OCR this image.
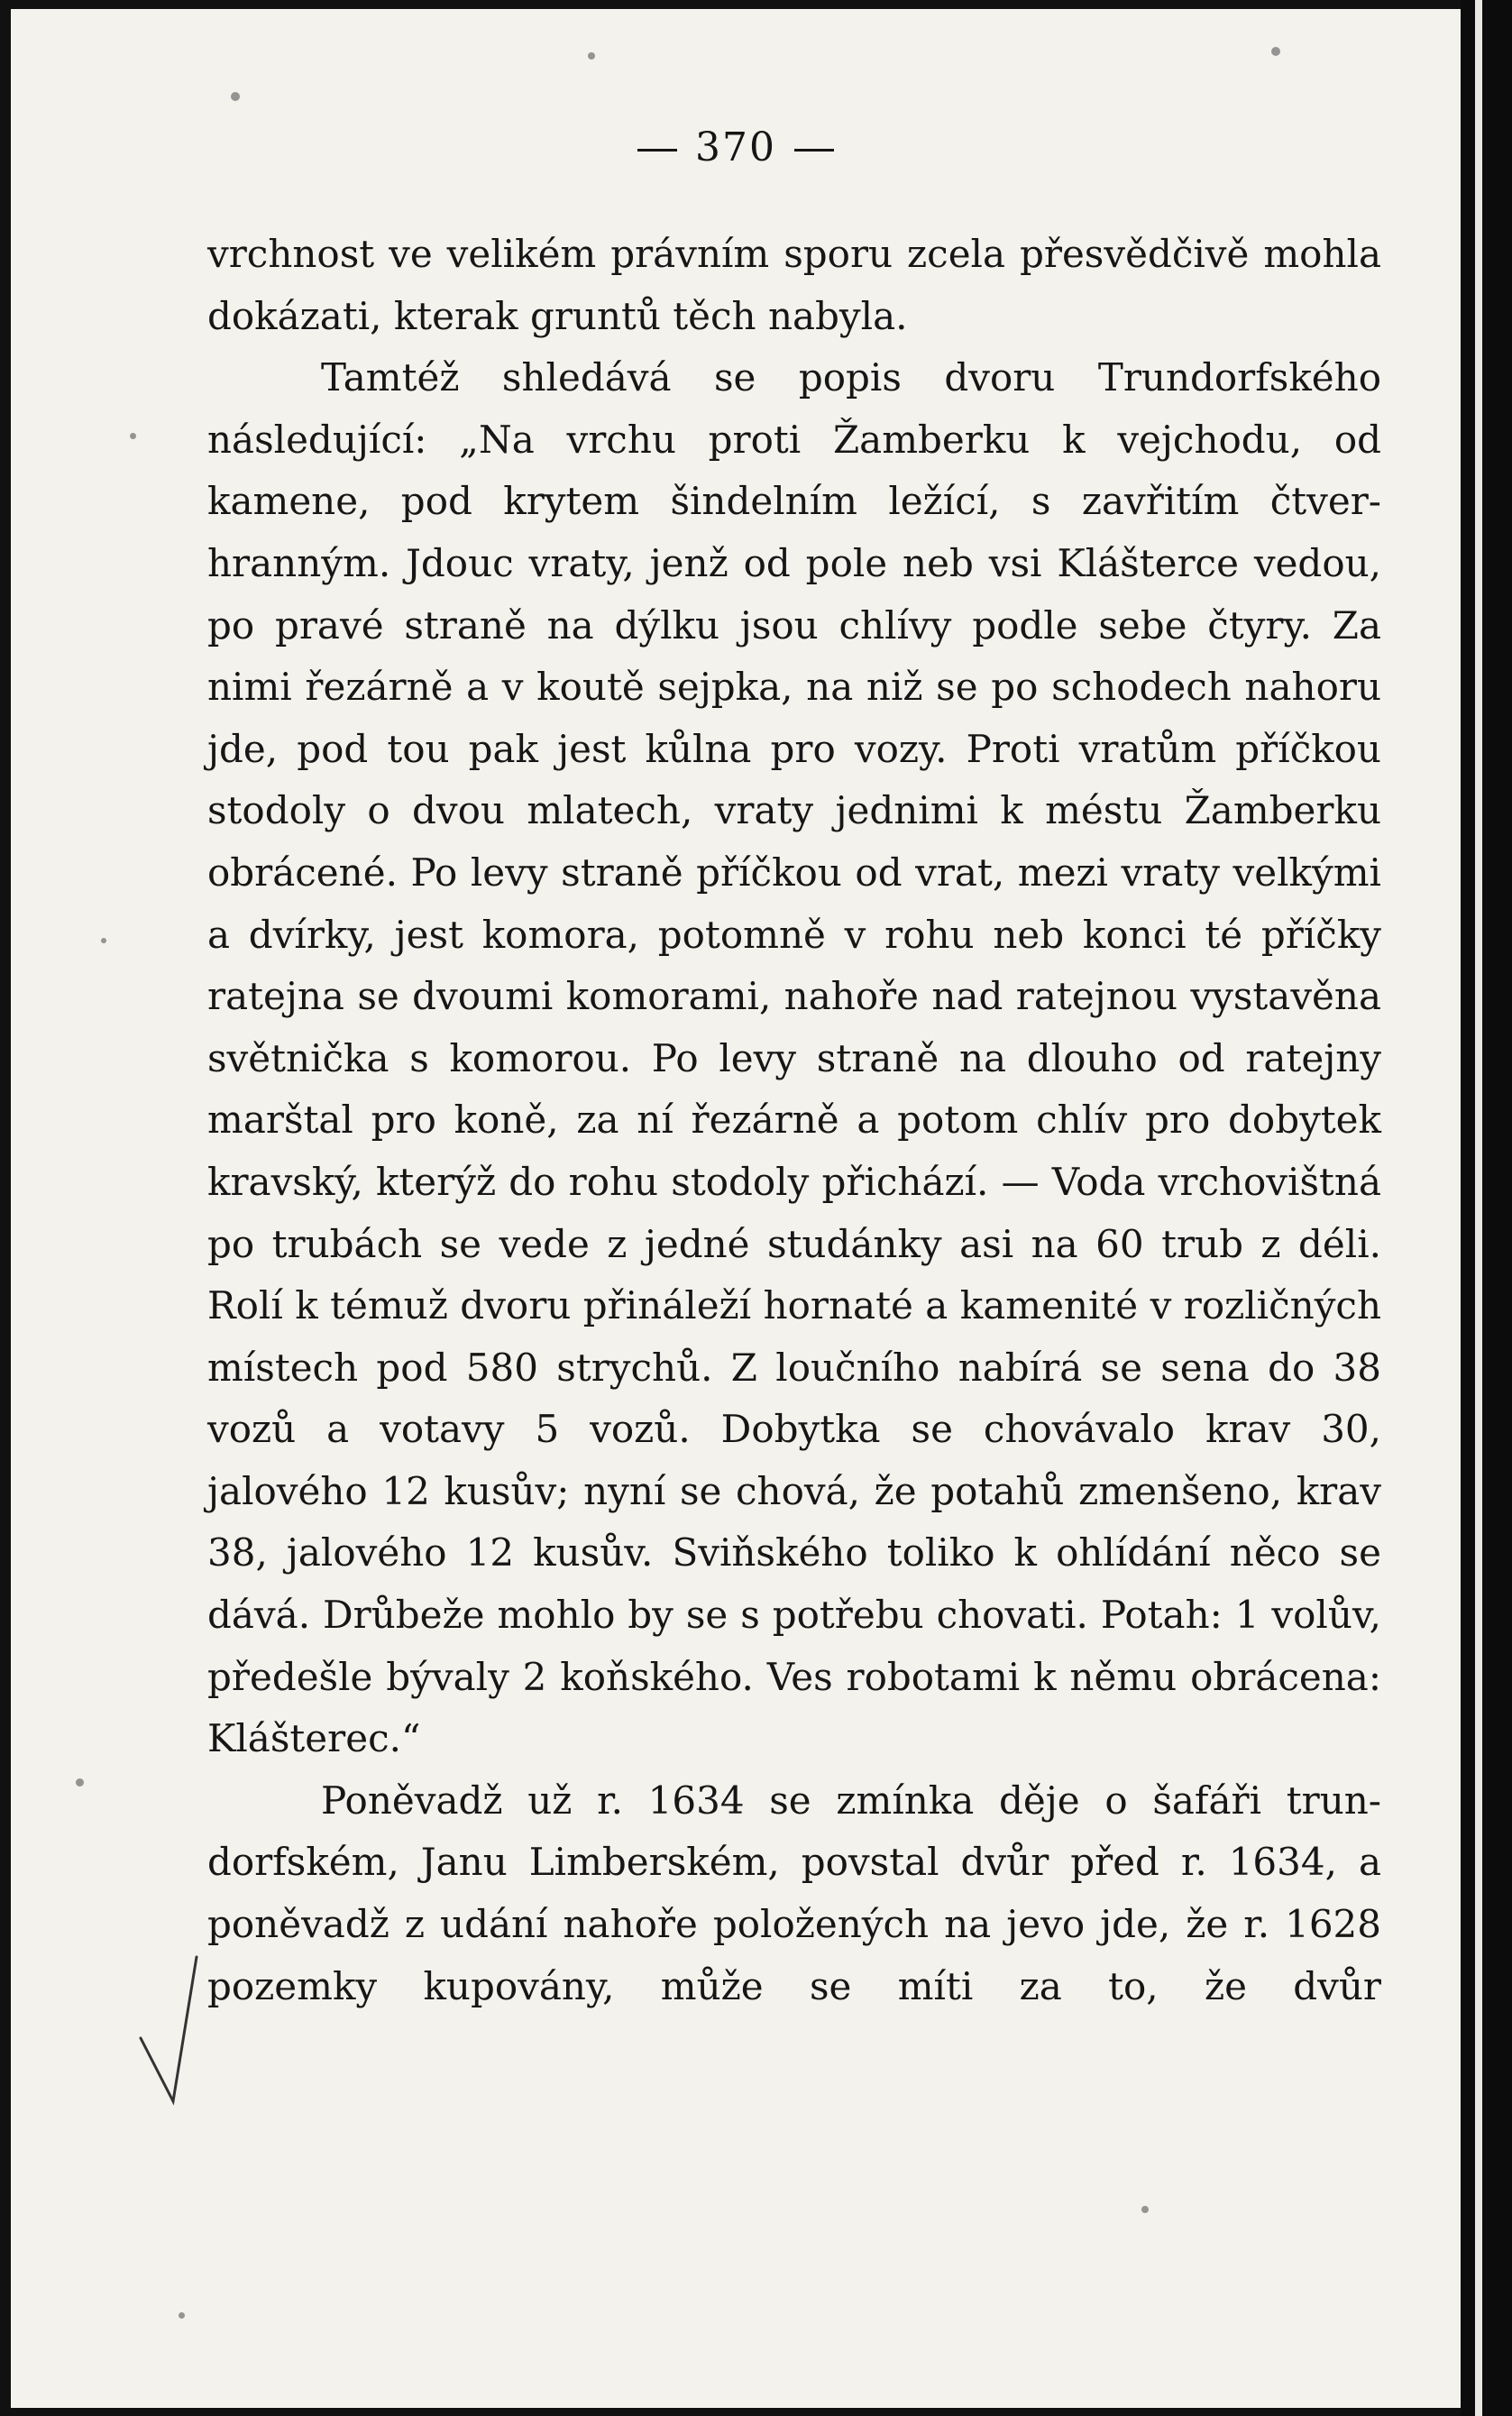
370

vrchnost ve velikém právním sporu zcela přesvědčivě mohla dokázati, kterak gruntů těch nabyla.

Tamtéž shledává se popis dvoru Trundorfského následující: „Na vrchu proti Žamberku k vejchodu, od kamene, pod krytem šindelním ležící, s zavřitím čtver- hranným. Jdouc vraty, jenž od pole neb vsi Klášterce vedou, po pravé straně na dýlku jsou chlívy podle sebe čtyry. Za nimi řezárně a v koutě sejpka, na niž se po schodech nahoru jde, pod tou pak jest kůlna pro vozy. Proti vratům příčkou stodoly o dvou mlatech, vraty jednimi k méstu Žamberku obrácené. Po levy straně příčkou od vrat, mezi vraty velkými a dvírky, jest komora, potomně v rohu neb konci té příčky ratejna se dvoumi komorami, nahoře nad ratejnou vystavěna světnička s komorou. Po levy straně na dlouho od ratejny marštal pro koně, za ní řezárně a potom chlív pro dobytek kravský, kterýž do rohu stodoly přichází. — Voda vrchovištná po trubách se vede z jedné studánky asi na 60 trub z déli. Rolí k témuž dvoru přináleží hornaté a kamenité v rozličných místech pod 580 strychů. Z loučního nabírá se sena do 38 vozů a votavy 5 vozů. Dobytka se chovávalo krav 30, jalového 12 kusův; nyní se chová, že potahů zmenšeno, krav 38, jalového 12 kusův. Sviňského toliko k ohlídání něco se dává. Drůbeže mohlo by se s potřebu chovati. Potah: 1 volův, předešle bývaly 2 koňského. Ves robotami k němu obrácena: Klášterec.“

Poněvadž už r. 1634 se zmínka děje o šafáři trun- dorfském, Janu Limberském, povstal dvůr před r. 1634, a poněvadž z udání nahoře položených na jevo jde, že r. 1628 pozemky kupovány, může se míti za to, že dvůr
